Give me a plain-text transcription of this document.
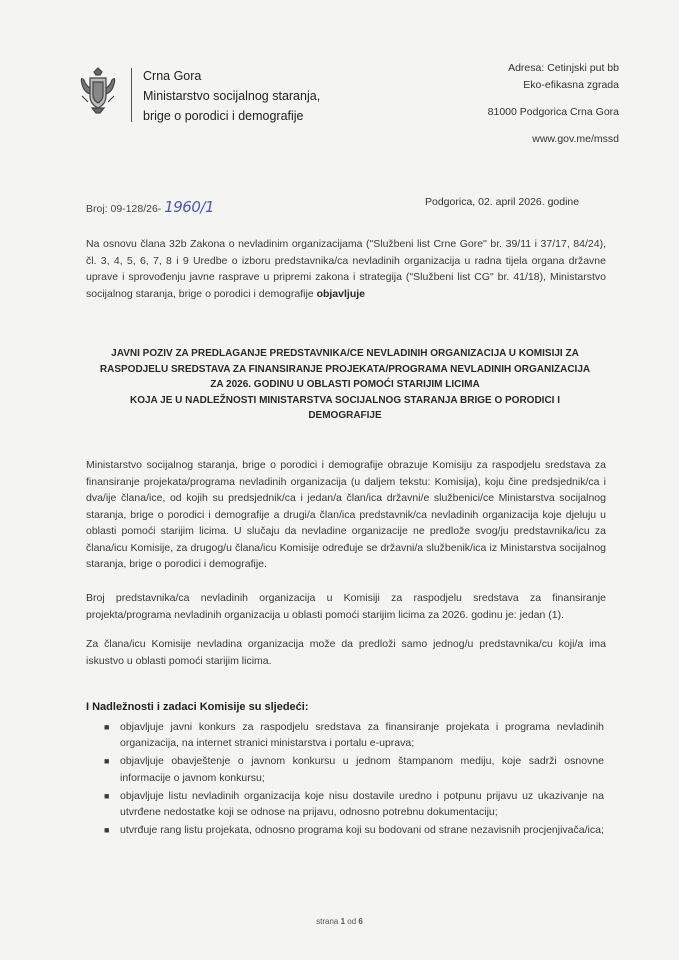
Crna Gora
Ministarstvo socijalnog staranja,
brige o porodici i demografije
Adresa: Cetinjski put bb
Eko-efikasna zgrada
81000 Podgorica Crna Gora
www.gov.me/mssd
Broj: 09-128/26- 1960/1	Podgorica, 02. april 2026. godine
Na osnovu člana 32b Zakona o nevladinim organizacijama ("Službeni list Crne Gore" br. 39/11 i 37/17, 84/24), čl. 3, 4, 5, 6, 7, 8 i 9 Uredbe o izboru predstavnika/ca nevladinih organizacija u radna tijela organa državne uprave i sprovođenju javne rasprave u pripremi zakona i strategija ("Službeni list CG" br. 41/18), Ministarstvo socijalnog staranja, brige o porodici i demografije objavljuje
JAVNI POZIV ZA PREDLAGANJE PREDSTAVNIKA/CE NEVLADINIH ORGANIZACIJA U KOMISIJI ZA
RASPODJELU SREDSTAVA ZA FINANSIRANJE PROJEKATA/PROGRAMA NEVLADINIH ORGANIZACIJA
ZA 2026. GODINU U OBLASTI POMOĆI STARIJIM LICIMA
KOJA JE U NADLEŽNOSTI MINISTARSTVA SOCIJALNOG STARANJA BRIGE O PORODICI I
DEMOGRAFIJE
Ministarstvo socijalnog staranja, brige o porodici i demografije obrazuje Komisiju za raspodjelu sredstava za finansiranje projekata/programa nevladinih organizacija (u daljem tekstu: Komisija), koju čine predsjednik/ca i dva/ije člana/ice, od kojih su predsjednik/ca i jedan/a član/ica državni/e službenici/ce Ministarstva socijalnog staranja, brige o porodici i demografije a drugi/a član/ica predstavnik/ca nevladinih organizacija koje djeluju u oblasti pomoći starijim licima. U slučaju da nevladine organizacije ne predlože svog/ju predstavnika/icu za člana/icu Komisije, za drugog/u člana/icu Komisije određuje se državni/a službenik/ica iz Ministarstva socijalnog staranja, brige o porodici i demografije.
Broj predstavnika/ca nevladinih organizacija u Komisiji za raspodjelu sredstava za finansiranje projekta/programa nevladinih organizacija u oblasti pomoći starijim licima za 2026. godinu je: jedan (1).
Za člana/icu Komisije nevladina organizacija može da predloži samo jednog/u predstavnika/cu koji/a ima iskustvo u oblasti pomoći starijim licima.
I Nadležnosti i zadaci Komisije su sljedeći:
■ objavljuje javni konkurs za raspodjelu sredstava za finansiranje projekata i programa nevladinih organizacija, na internet stranici ministarstva i portalu e-uprava;
■ objavljuje obavještenje o javnom konkursu u jednom štampanom mediju, koje sadrži osnovne informacije o javnom konkursu;
■ objavljuje listu nevladinih organizacija koje nisu dostavile uredno i potpunu prijavu uz ukazivanje na utvrđene nedostatke koji se odnose na prijavu, odnosno potrebnu dokumentaciju;
■ utvrđuje rang listu projekata, odnosno programa koji su bodovani od strane nezavisnih procjenjivača/ica;
strana 1 od 6
